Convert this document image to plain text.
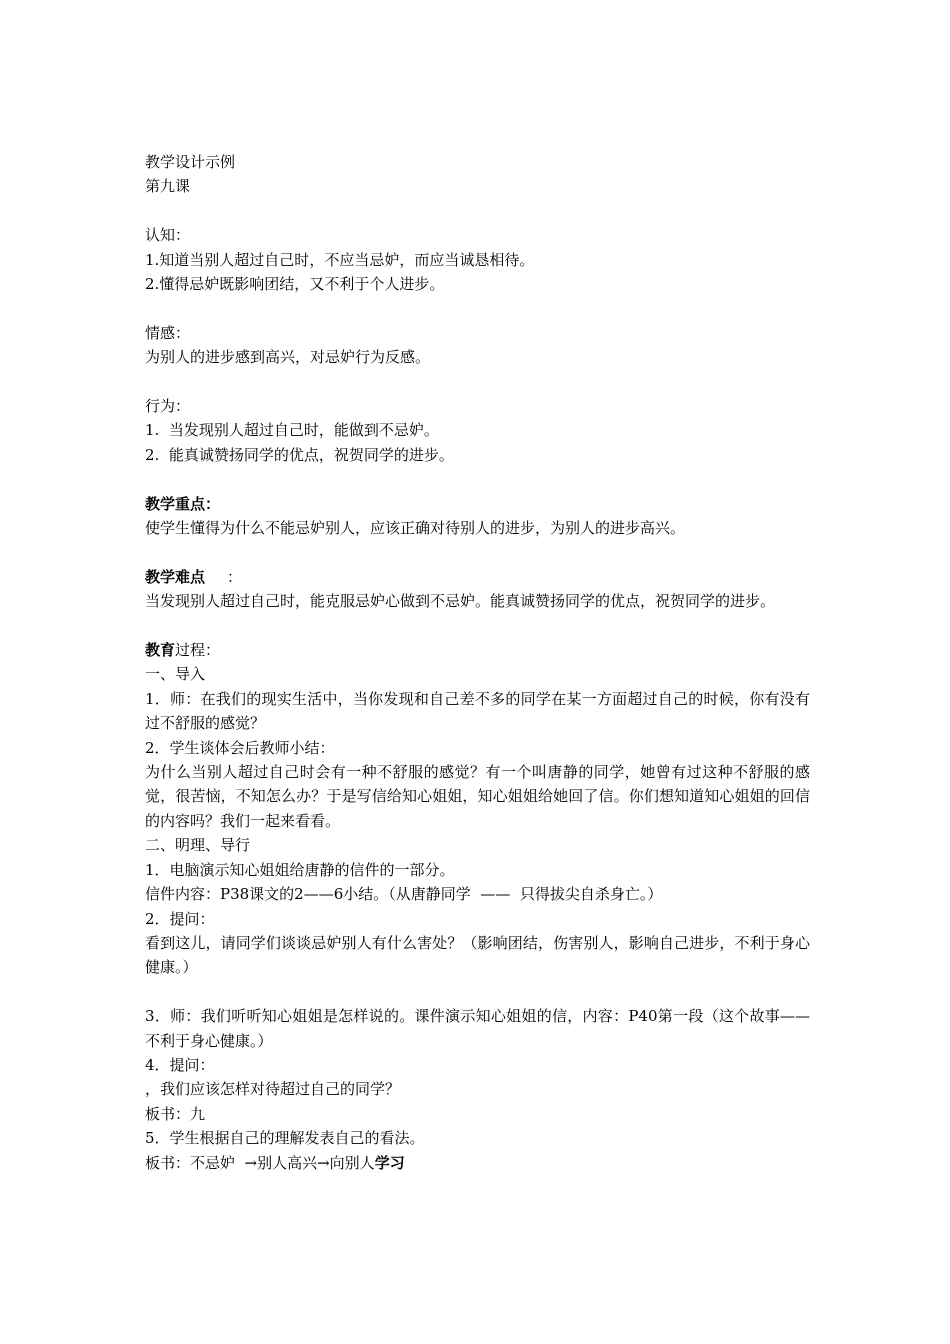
教学设计示例
第九课
认知：
1.知道当别人超过自己时，不应当忌妒，而应当诚恳相待。
2.懂得忌妒既影响团结，又不利于个人进步。
情感：
为别人的进步感到高兴，对忌妒行为反感。
行为：
1.  当发现别人超过自己时，能做到不忌妒。
2.  能真诚赞扬同学的优点，祝贺同学的进步。
教学重点：
使学生懂得为什么不能忌妒别人，应该正确对待别人的进步，为别人的进步高兴。
教学难点 ：
当发现别人超过自己时，能克服忌妒心做到不忌妒。能真诚赞扬同学的优点，祝贺同学的进步。
教育过程：
一、导入
1．师：在我们的现实生活中，当你发现和自己差不多的同学在某一方面超过自己的时候，你有没有过不舒服的感觉？
2．学生谈体会后教师小结：
为什么当别人超过自己时会有一种不舒服的感觉？有一个叫唐静的同学，她曾有过这种不舒服的感觉，很苦恼，不知怎么办？于是写信给知心姐姐，知心姐姐给她回了信。你们想知道知心姐姐的回信的内容吗？我们一起来看看。
二、明理、导行
1．电脑演示知心姐姐给唐静的信件的一部分。
信件内容：P38课文的2——6小结。（从唐静同学  ——  只得拔尖自杀身亡。）
2．提问：
看到这儿，请同学们谈谈忌妒别人有什么害处？（影响团结，伤害别人，影响自己进步，不利于身心健康。）
3．师：我们听听知心姐姐是怎样说的。课件演示知心姐姐的信，内容：P40第一段（这个故事——不利于身心健康。）
4．提问：
，我们应该怎样对待超过自己的同学？
板书：九
5．学生根据自己的理解发表自己的看法。
板书：不忌妒  →别人高兴→向别人学习
